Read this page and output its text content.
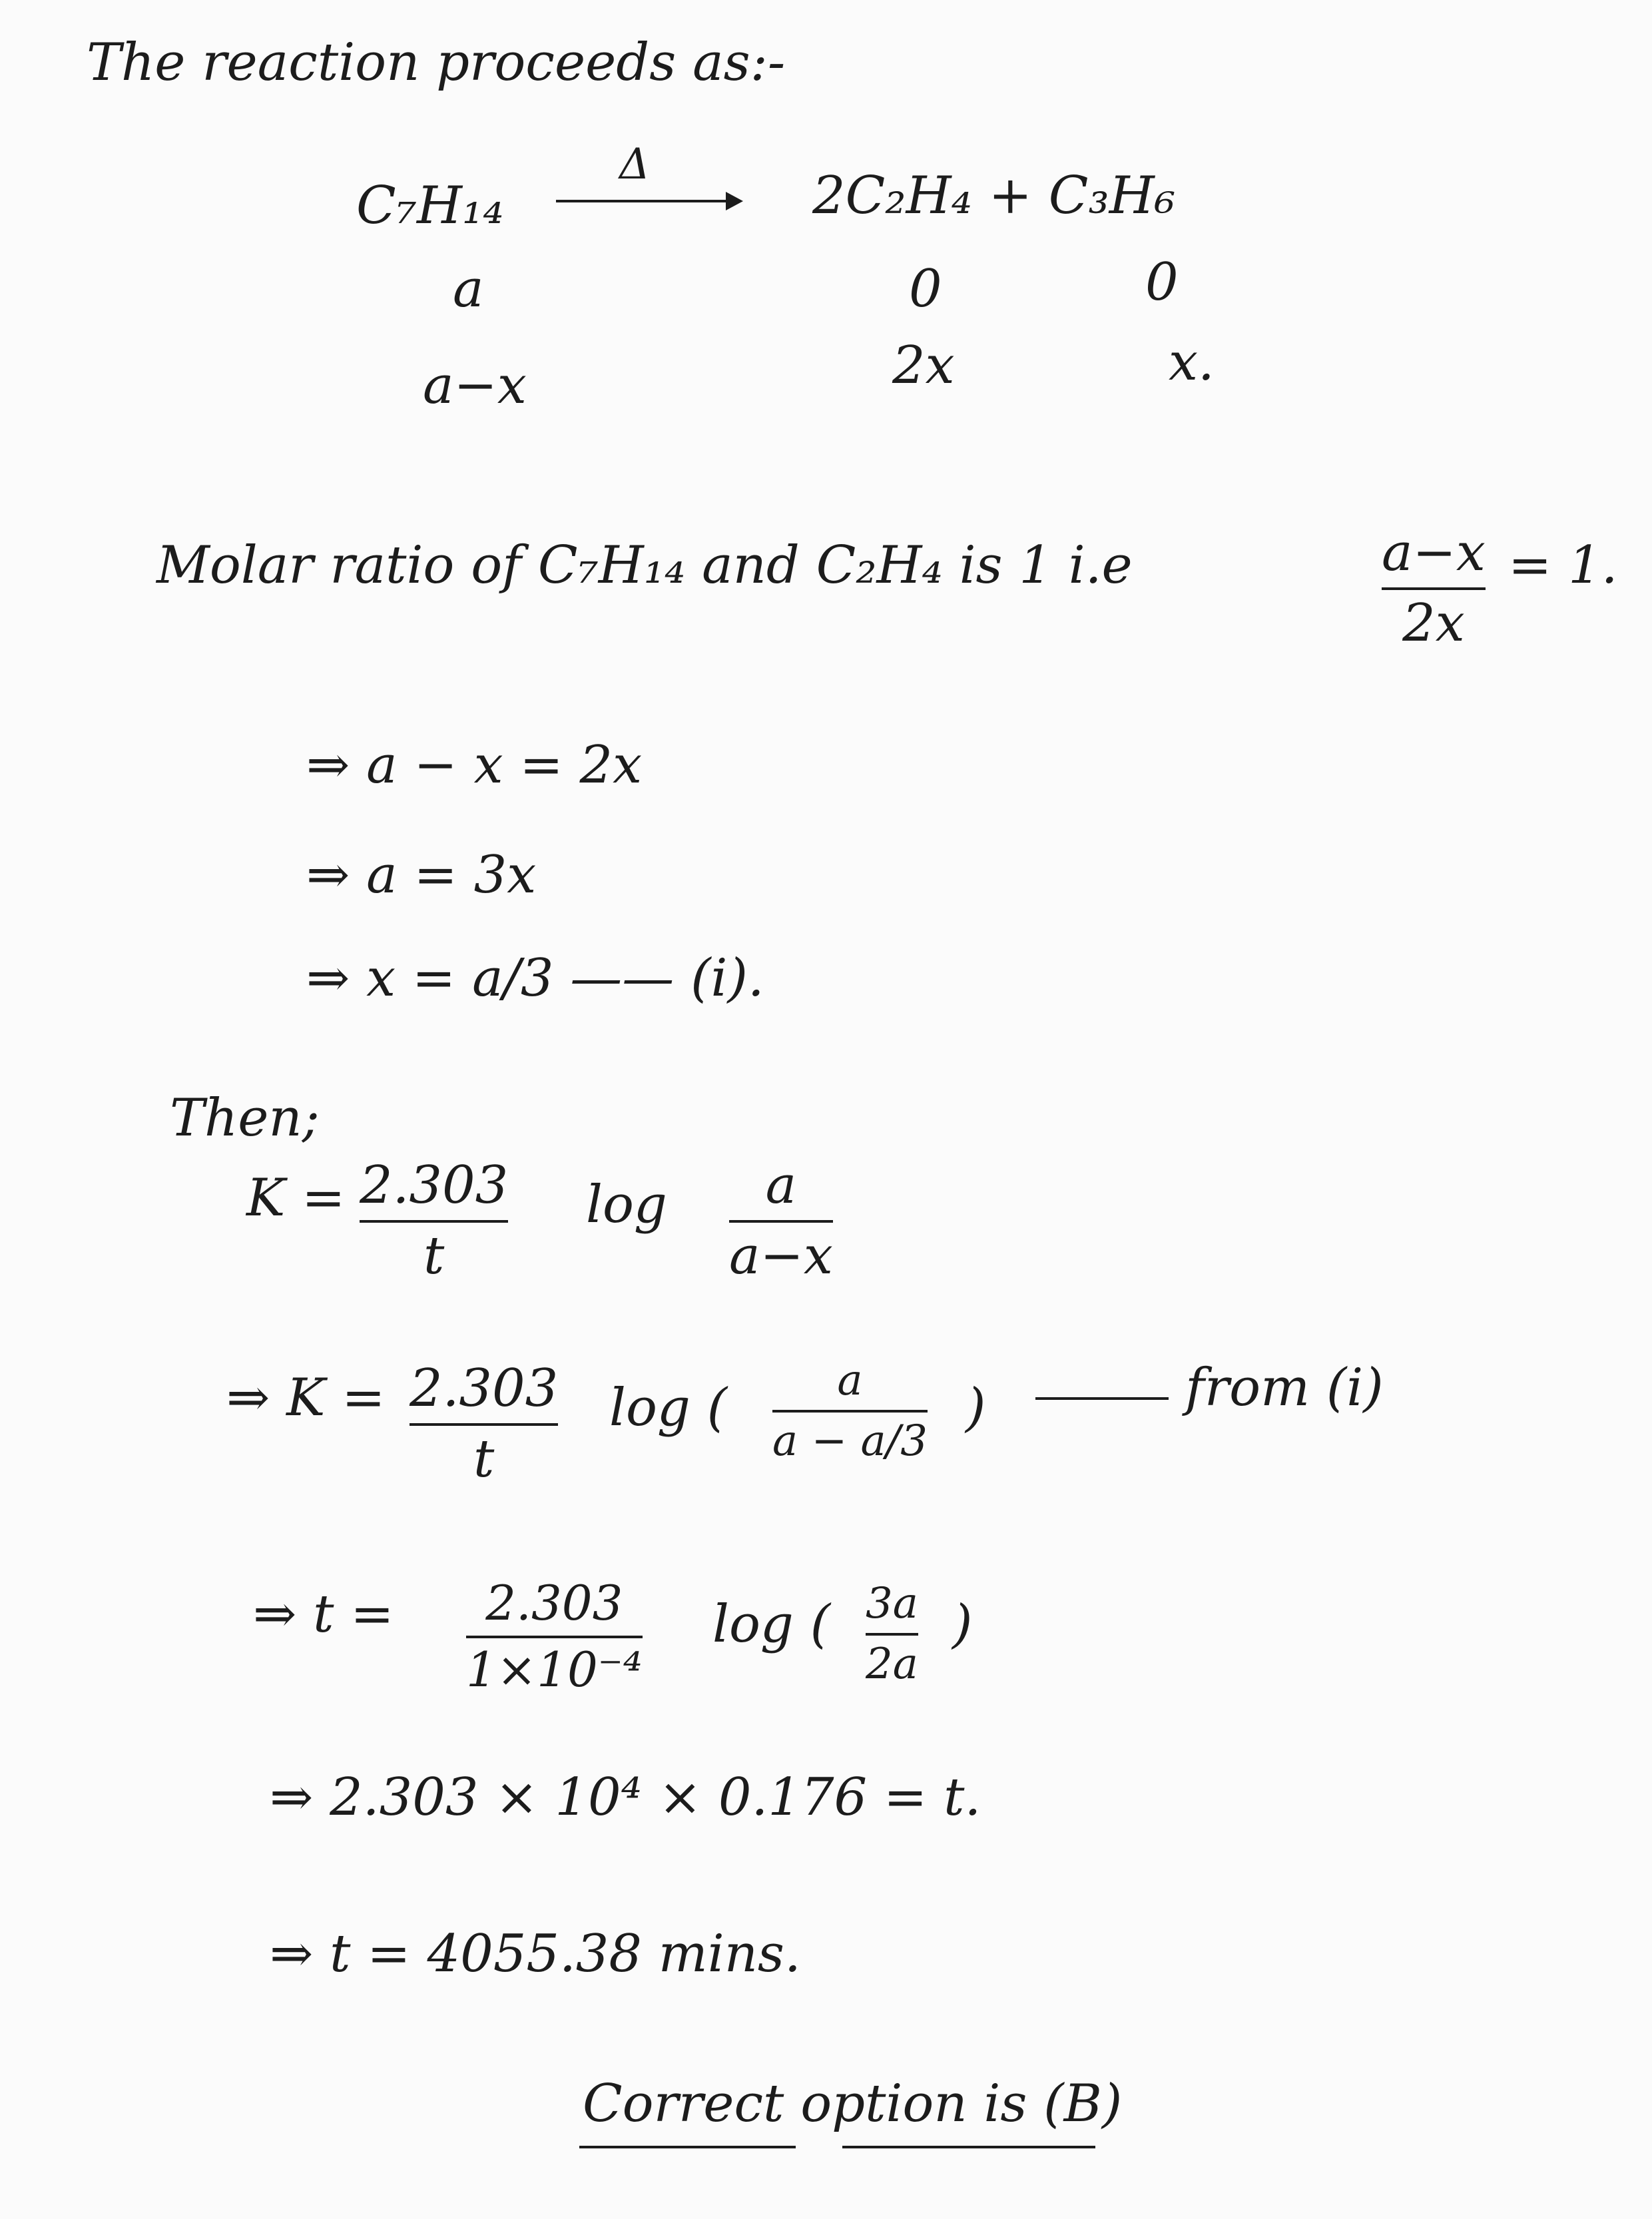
The reaction proceeds as:-
C₇H₁₄
Δ
2C₂H₄ + C₃H₆
a	0	0
a−x	2x	x.
Molar ratio of C₇H₁₄ and C₂H₄ is 1 i.e	a−x
2x
= 1.
⇒ a − x = 2x
⇒ a = 3x
⇒ x = a/3 —— (i).
Then;
K = 2.303
t
log a
a−x
⇒ K = 2.303
t
log (	a
a − a/3
)	from (i)
⇒ t = 2.303
1×10⁻⁴
log ( 3a
2a
)
⇒ 2.303 × 10⁴ × 0.176 = t.
⇒ t = 4055.38 mins.
Correct option is (B)
